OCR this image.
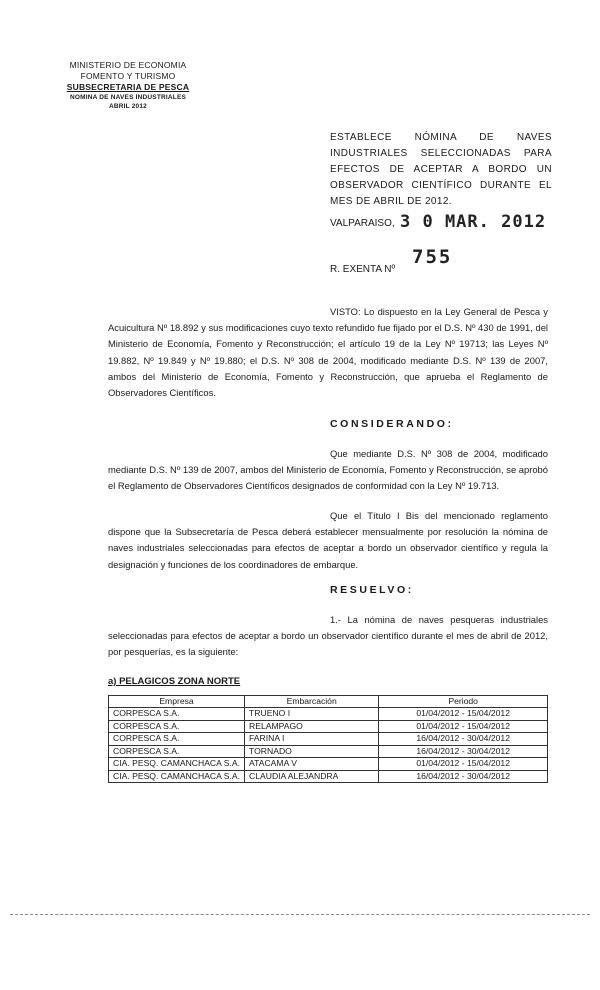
MINISTERIO DE ECONOMIA
FOMENTO Y TURISMO
SUBSECRETARIA DE PESCA
NOMINA DE NAVES INDUSTRIALES
ABRIL 2012
ESTABLECE NÓMINA DE NAVES INDUSTRIALES SELECCIONADAS PARA EFECTOS DE ACEPTAR A BORDO UN OBSERVADOR CIENTÍFICO DURANTE EL MES DE ABRIL DE 2012.
VALPARAISO, 3 0 MAR. 2012
R. EXENTA Nº
755
VISTO: Lo dispuesto en la Ley General de Pesca y Acuicultura Nº 18.892 y sus modificaciones cuyo texto refundido fue fijado por el D.S. Nº 430 de 1991, del Ministerio de Economía, Fomento y Reconstrucción; el artículo 19 de la Ley Nº 19713; las Leyes Nº 19.882, Nº 19.849 y Nº 19.880; el D.S. Nº 308 de 2004, modificado mediante D.S. Nº 139 de 2007, ambos del Ministerio de Economía, Fomento y Reconstrucción, que aprueba el Reglamento de Observadores Científicos.
CONSIDERANDO:
Que mediante D.S. Nº 308 de 2004, modificado mediante D.S. Nº 139 de 2007, ambos del Ministerio de Economía, Fomento y Reconstrucción, se aprobó el Reglamento de Observadores Científicos designados de conformidad con la Ley Nº 19.713.
Que el Título I Bis del mencionado reglamento dispone que la Subsecretaría de Pesca deberá establecer mensualmente por resolución la nómina de naves industriales seleccionadas para efectos de aceptar a bordo un observador científico y regula la designación y funciones de los coordinadores de embarque.
RESUELVO:
1.- La nómina de naves pesqueras industriales seleccionadas para efectos de aceptar a bordo un observador científico durante el mes de abril de 2012, por pesquerías, es la siguiente:
a) PELAGICOS ZONA NORTE
Empresa	Embarcación	Periodo
CORPESCA S.A.	TRUENO I	01/04/2012 - 15/04/2012
CORPESCA S.A.	RELAMPAGO	01/04/2012 - 15/04/2012
CORPESCA S.A.	FARINA I	16/04/2012 - 30/04/2012
CORPESCA S.A.	TORNADO	16/04/2012 - 30/04/2012
CIA. PESQ. CAMANCHACA S.A.	ATACAMA V	01/04/2012 - 15/04/2012
CIA. PESQ. CAMANCHACA S.A.	CLAUDIA ALEJANDRA	16/04/2012 - 30/04/2012
